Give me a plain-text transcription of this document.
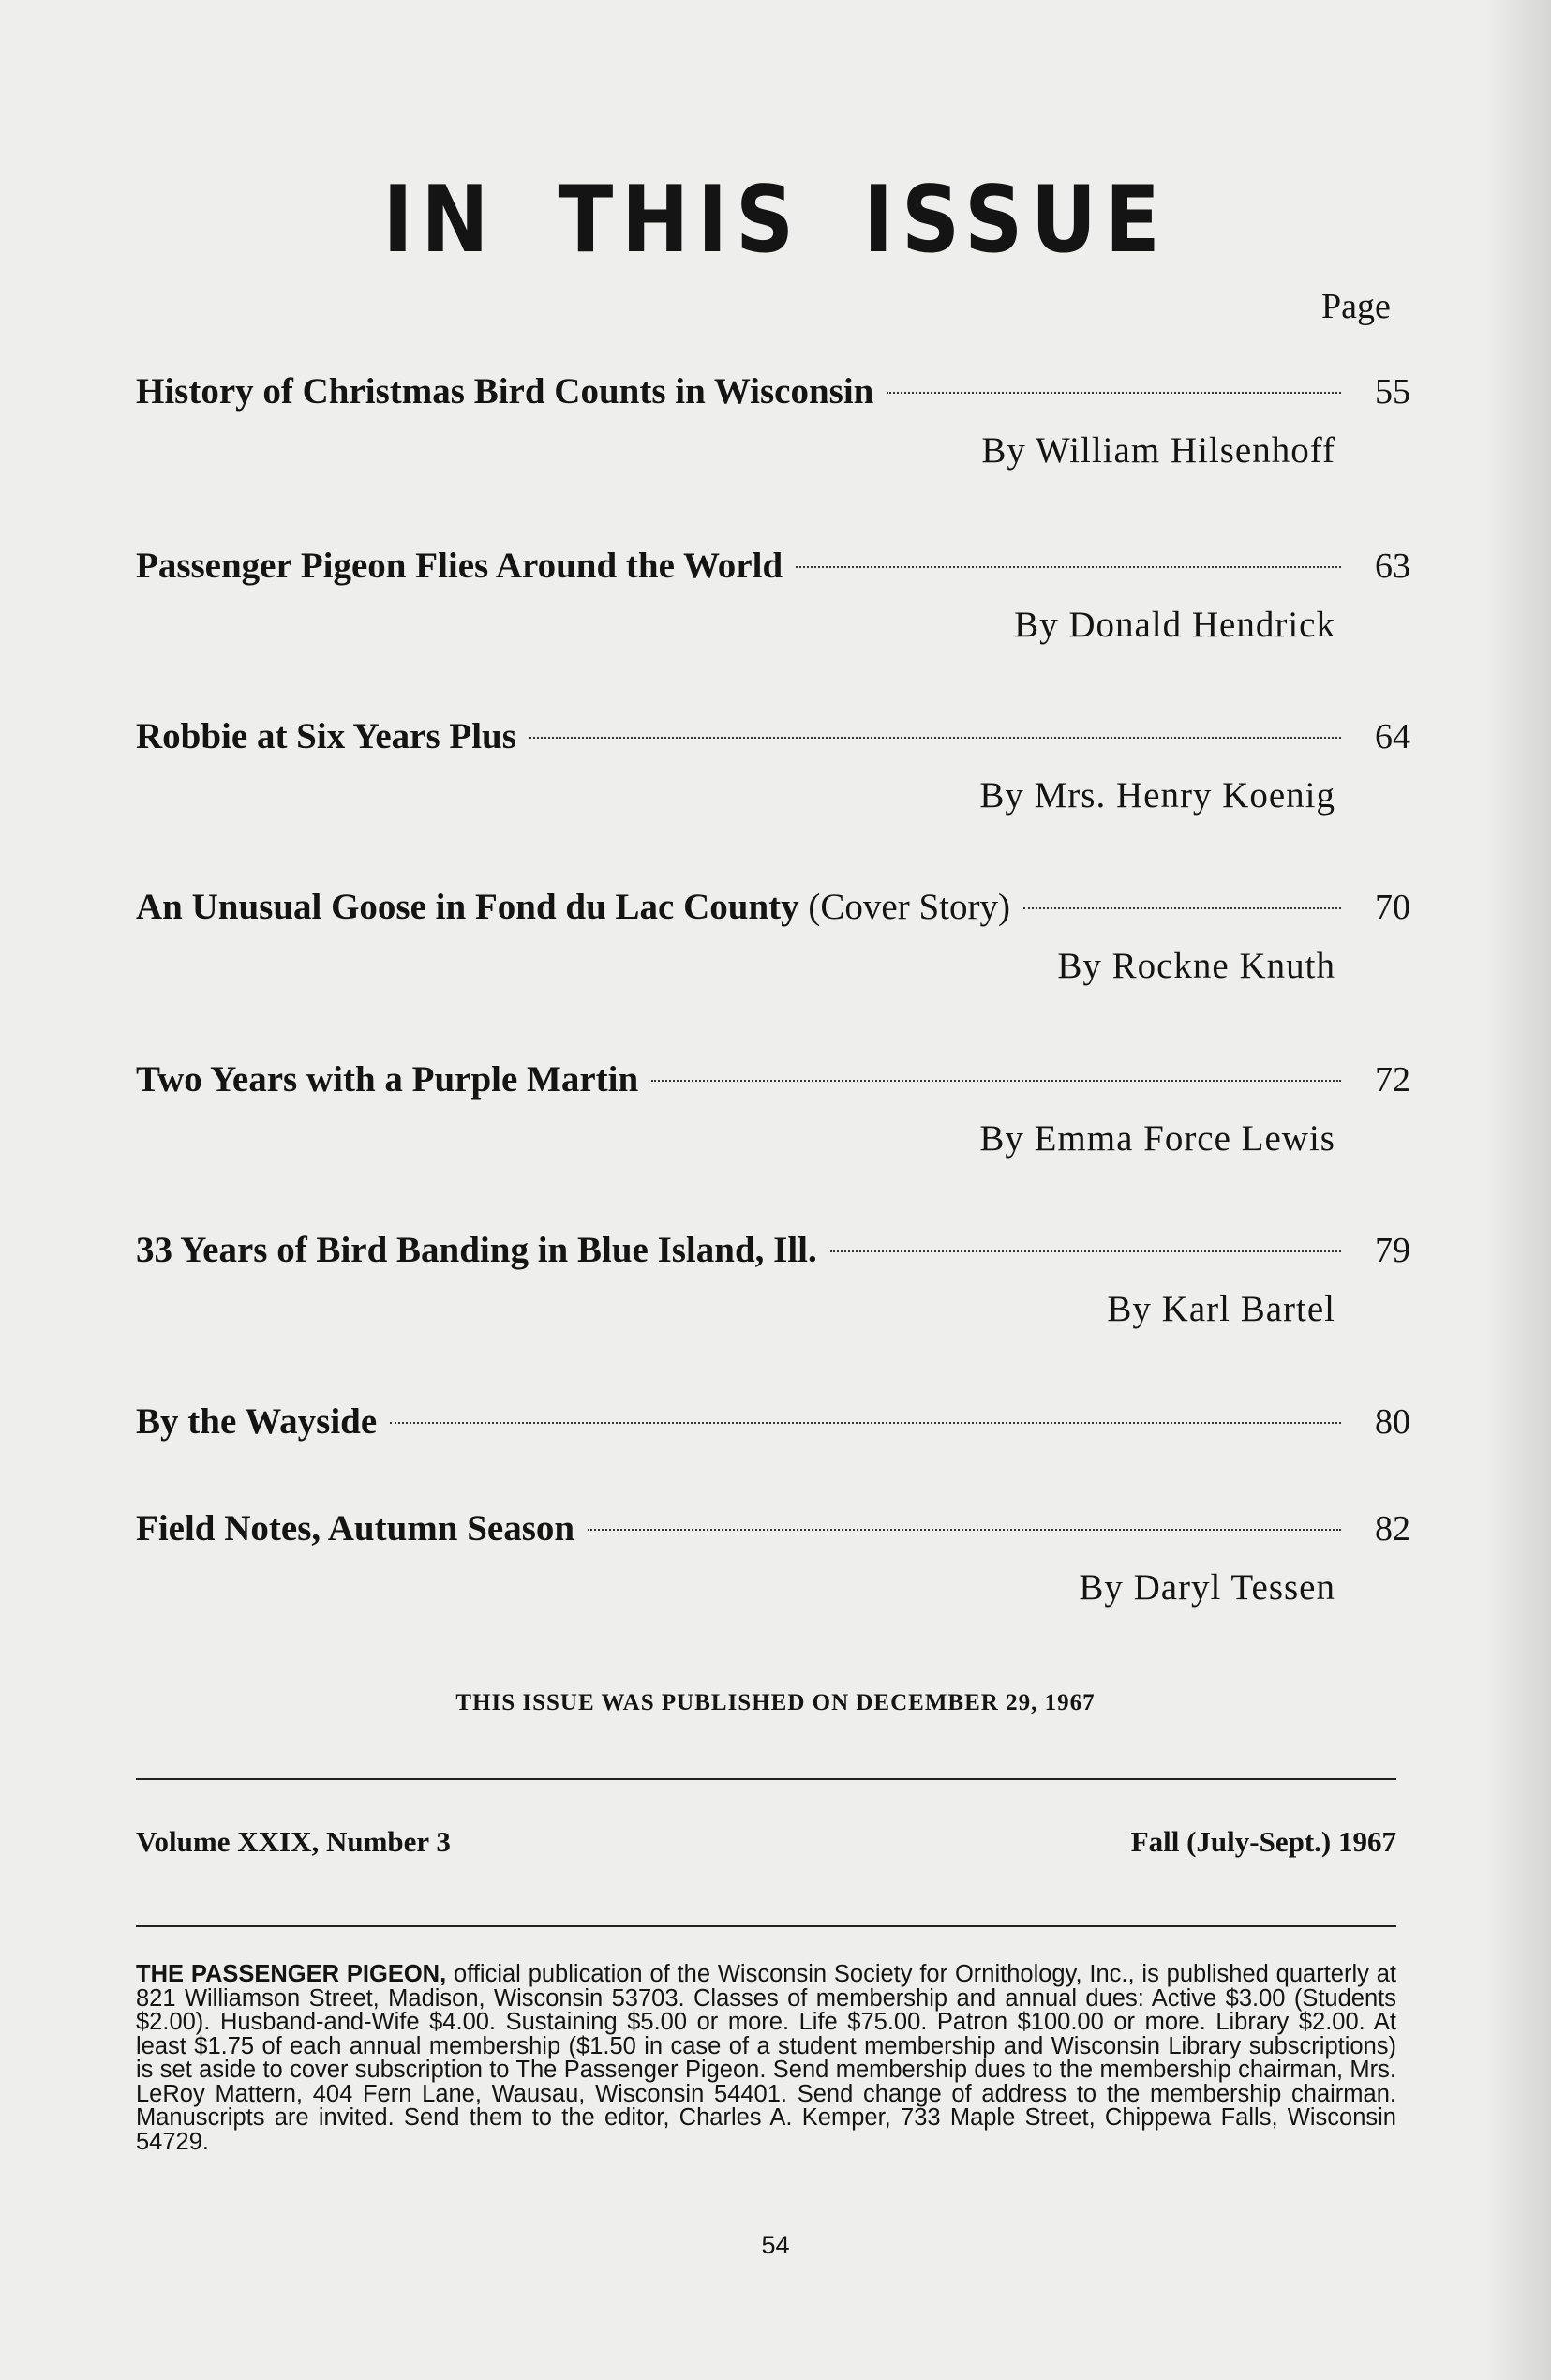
IN THIS ISSUE
Page
History of Christmas Bird Counts in Wisconsin	55
By William Hilsenhoff
Passenger Pigeon Flies Around the World	63
By Donald Hendrick
Robbie at Six Years Plus	64
By Mrs. Henry Koenig
An Unusual Goose in Fond du Lac County (Cover Story)	70
By Rockne Knuth
Two Years with a Purple Martin	72
By Emma Force Lewis
33 Years of Bird Banding in Blue Island, Ill.	79
By Karl Bartel
By the Wayside	80
Field Notes, Autumn Season	82
By Daryl Tessen
THIS ISSUE WAS PUBLISHED ON DECEMBER 29, 1967
Volume XXIX, Number 3	Fall (July-Sept.) 1967

THE PASSENGER PIGEON, official publication of the Wisconsin Society for Ornithology, Inc., is published quarterly at 821 Williamson Street, Madison, Wisconsin 53703. Classes of membership and annual dues: Active $3.00 (Students $2.00). Husband-and-Wife $4.00. Sustaining $5.00 or more. Life $75.00. Patron $100.00 or more. Library $2.00. At least $1.75 of each annual membership ($1.50 in case of a student membership and Wisconsin Library subscriptions) is set aside to cover subscription to The Passenger Pigeon. Send membership dues to the membership chairman, Mrs. LeRoy Mattern, 404 Fern Lane, Wausau, Wisconsin 54401. Send change of address to the membership chairman. Manuscripts are invited. Send them to the editor, Charles A. Kemper, 733 Maple Street, Chippewa Falls, Wisconsin 54729.

54
